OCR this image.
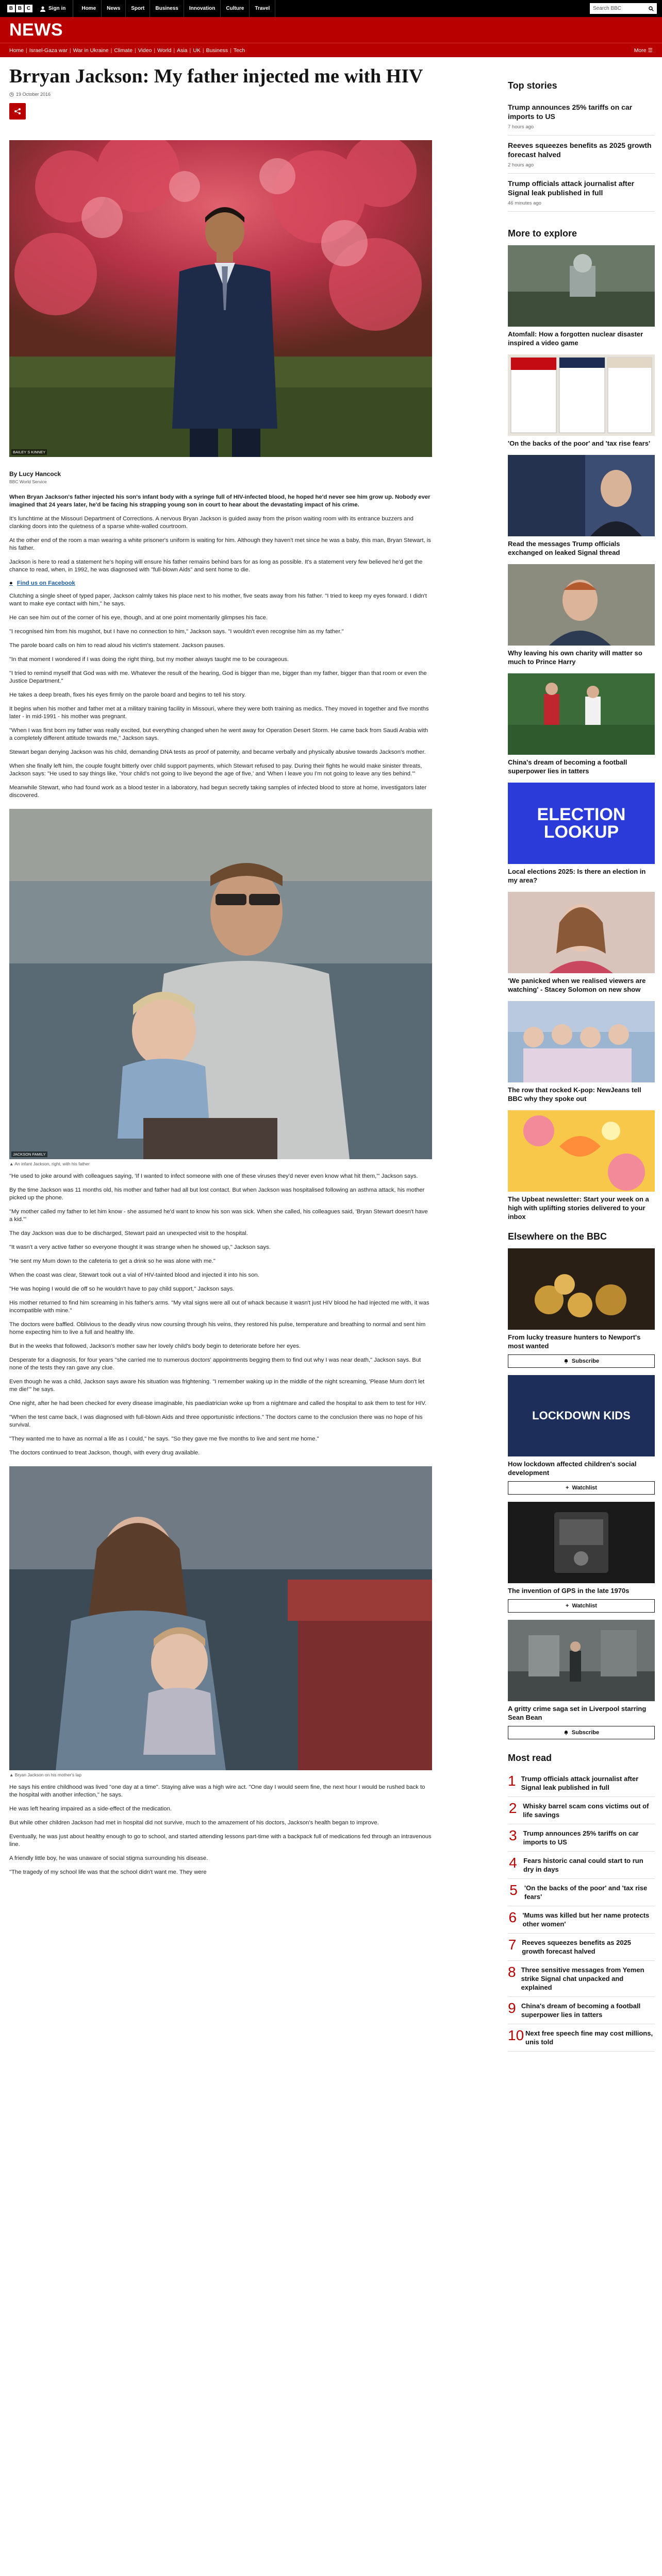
B B C	Sign in	Home	News	Sport	Business	Innovation	Culture	Travel	Search BBC
NEWS
Home | Israel-Gaza war | War in Ukraine | Climate | Video | World | Asia | UK | Business | Tech	More ☰
Brryan Jackson: My father injected me with HIV
19 October 2016
BAILEY S KINNEY
By Lucy Hancock
BBC World Service

When Bryan Jackson's father injected his son's infant body with a syringe full of HIV-infected blood, he hoped he'd never see him grow up. Nobody ever imagined that 24 years later, he'd be facing his strapping young son in court to hear about the devastating impact of his crime.

It's lunchtime at the Missouri Department of Corrections. A nervous Bryan Jackson is guided away from the prison waiting room with its entrance buzzers and clanking doors into the quietness of a sparse white-walled courtroom.

At the other end of the room a man wearing a white prisoner's uniform is waiting for him. Although they haven't met since he was a baby, this man, Bryan Stewart, is his father.

Jackson is here to read a statement he's hoping will ensure his father remains behind bars for as long as possible. It's a statement very few believed he'd get the chance to read, when, in 1992, he was diagnosed with "full-blown Aids" and sent home to die.

● Find us on Facebook

Clutching a single sheet of typed paper, Jackson calmly takes his place next to his mother, five seats away from his father. "I tried to keep my eyes forward. I didn't want to make eye contact with him," he says.

He can see him out of the corner of his eye, though, and at one point momentarily glimpses his face.

"I recognised him from his mugshot, but I have no connection to him," Jackson says. "I wouldn't even recognise him as my father."

The parole board calls on him to read aloud his victim's statement. Jackson pauses.

"In that moment I wondered if I was doing the right thing, but my mother always taught me to be courageous.

"I tried to remind myself that God was with me. Whatever the result of the hearing, God is bigger than me, bigger than my father, bigger than that room or even the Justice Department."

He takes a deep breath, fixes his eyes firmly on the parole board and begins to tell his story.

It begins when his mother and father met at a military training facility in Missouri, where they were both training as medics. They moved in together and five months later - in mid-1991 - his mother was pregnant.

"When I was first born my father was really excited, but everything changed when he went away for Operation Desert Storm. He came back from Saudi Arabia with a completely different attitude towards me," Jackson says.

Stewart began denying Jackson was his child, demanding DNA tests as proof of paternity, and became verbally and physically abusive towards Jackson's mother.

When she finally left him, the couple fought bitterly over child support payments, which Stewart refused to pay. During their fights he would make sinister threats, Jackson says: "He used to say things like, 'Your child's not going to live beyond the age of five,' and 'When I leave you I'm not going to leave any ties behind.'"

Meanwhile Stewart, who had found work as a blood tester in a laboratory, had begun secretly taking samples of infected blood to store at home, investigators later discovered.

JACKSON FAMILY
▲ An infant Jackson, right, with his father

"He used to joke around with colleagues saying, 'If I wanted to infect someone with one of these viruses they'd never even know what hit them,'" Jackson says.

By the time Jackson was 11 months old, his mother and father had all but lost contact. But when Jackson was hospitalised following an asthma attack, his mother picked up the phone.

"My mother called my father to let him know - she assumed he'd want to know his son was sick. When she called, his colleagues said, 'Bryan Stewart doesn't have a kid.'"

The day Jackson was due to be discharged, Stewart paid an unexpected visit to the hospital.

"It wasn't a very active father so everyone thought it was strange when he showed up," Jackson says.

"He sent my Mum down to the cafeteria to get a drink so he was alone with me."

When the coast was clear, Stewart took out a vial of HIV-tainted blood and injected it into his son.

"He was hoping I would die off so he wouldn't have to pay child support," Jackson says.

His mother returned to find him screaming in his father's arms. "My vital signs were all out of whack because it wasn't just HIV blood he had injected me with, it was incompatible with mine."

The doctors were baffled. Oblivious to the deadly virus now coursing through his veins, they restored his pulse, temperature and breathing to normal and sent him home expecting him to live a full and healthy life.

But in the weeks that followed, Jackson's mother saw her lovely child's body begin to deteriorate before her eyes.

Desperate for a diagnosis, for four years "she carried me to numerous doctors' appointments begging them to find out why I was near death," Jackson says. But none of the tests they ran gave any clue.

Even though he was a child, Jackson says aware his situation was frightening. "I remember waking up in the middle of the night screaming, 'Please Mum don't let me die!'" he says.

One night, after he had been checked for every disease imaginable, his paediatrician woke up from a nightmare and called the hospital to ask them to test for HIV.

"When the test came back, I was diagnosed with full-blown Aids and three opportunistic infections." The doctors came to the conclusion there was no hope of his survival.

"They wanted me to have as normal a life as I could," he says. "So they gave me five months to live and sent me home."

The doctors continued to treat Jackson, though, with every drug available.

▲ Bryan Jackson on his mother's lap

He says his entire childhood was lived "one day at a time". Staying alive was a high wire act. "One day I would seem fine, the next hour I would be rushed back to the hospital with another infection," he says.

He was left hearing impaired as a side-effect of the medication.

But while other children Jackson had met in hospital did not survive, much to the amazement of his doctors, Jackson's health began to improve.

Eventually, he was just about healthy enough to go to school, and started attending lessons part-time with a backpack full of medications fed through an intravenous line.

A friendly little boy, he was unaware of social stigma surrounding his disease.

"The tragedy of my school life was that the school didn't want me. They were

Top stories
Trump announces 25% tariffs on car imports to US
7 hours ago
Reeves squeezes benefits as 2025 growth forecast halved
2 hours ago
Trump officials attack journalist after Signal leak published in full
46 minutes ago
More to explore
Atomfall: How a forgotten nuclear disaster inspired a video game
'On the backs of the poor' and 'tax rise fears'
Read the messages Trump officials exchanged on leaked Signal thread
Why leaving his own charity will matter so much to Prince Harry
China's dream of becoming a football superpower lies in tatters
ELECTION LOOKUP
Local elections 2025: Is there an election in my area?
'We panicked when we realised viewers are watching' - Stacey Solomon on new show
The row that rocked K-pop: NewJeans tell BBC why they spoke out
The Upbeat newsletter: Start your week on a high with uplifting stories delivered to your inbox
Elsewhere on the BBC
From lucky treasure hunters to Newport's most wanted
Subscribe
LOCKDOWN KIDS
How lockdown affected children's social development
+ Watchlist
The invention of GPS in the late 1970s
+ Watchlist
A gritty crime saga set in Liverpool starring Sean Bean
Subscribe
Most read
1 Trump officials attack journalist after Signal leak published in full
2 Whisky barrel scam cons victims out of life savings
3 Trump announces 25% tariffs on car imports to US
4 Fears historic canal could start to run dry in days
5 'On the backs of the poor' and 'tax rise fears'
6 'Mums was killed but her name protects other women'
7 Reeves squeezes benefits as 2025 growth forecast halved
8 Three sensitive messages from Yemen strike Signal chat unpacked and explained
9 China's dream of becoming a football superpower lies in tatters
10 Next free speech fine may cost millions, unis told
